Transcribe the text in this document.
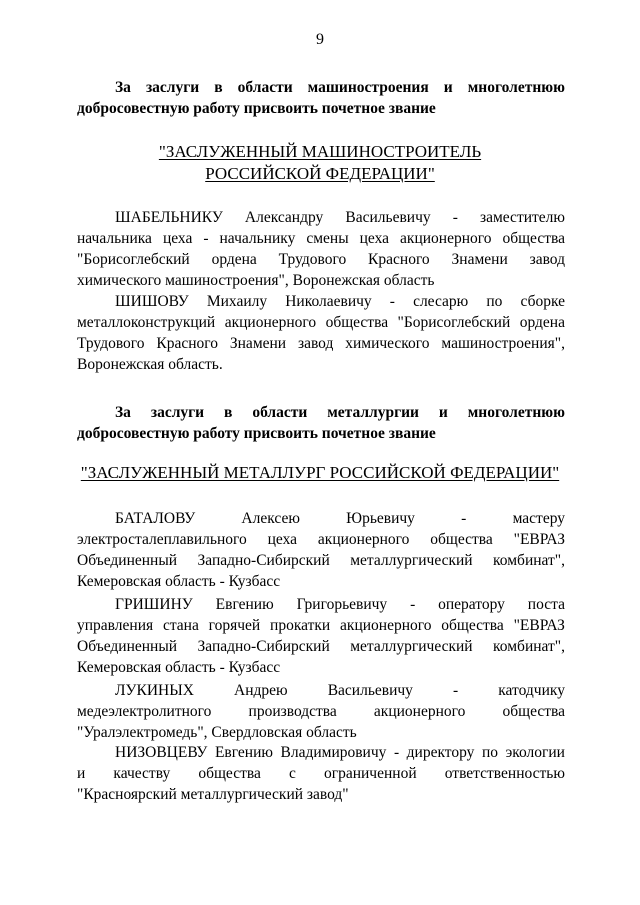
9
За заслуги в области машиностроения и многолетнюю
добросовестную работу присвоить почетное звание
"ЗАСЛУЖЕННЫЙ МАШИНОСТРОИТЕЛЬ
РОССИЙСКОЙ ФЕДЕРАЦИИ"
ШАБЕЛЬНИКУ Александру Васильевичу - заместителю
начальника цеха - начальнику смены цеха акционерного общества
"Борисоглебский ордена Трудового Красного Знамени завод
химического машиностроения", Воронежская область
ШИШОВУ Михаилу Николаевичу - слесарю по сборке
металлоконструкций акционерного общества "Борисоглебский ордена
Трудового Красного Знамени завод химического машиностроения",
Воронежская область.
За заслуги в области металлургии и многолетнюю
добросовестную работу присвоить почетное звание
"ЗАСЛУЖЕННЫЙ МЕТАЛЛУРГ РОССИЙСКОЙ ФЕДЕРАЦИИ"
БАТАЛОВУ	Алексею	Юрьевичу	-	мастеру
электросталеплавильного цеха акционерного общества "ЕВРАЗ
Объединенный Западно-Сибирский металлургический комбинат",
Кемеровская область - Кузбасс
ГРИШИНУ Евгению Григорьевичу - оператору поста
управления стана горячей прокатки акционерного общества "ЕВРАЗ
Объединенный Западно-Сибирский металлургический комбинат",
Кемеровская область - Кузбасс
ЛУКИНЫХ	Андрею	Васильевичу	-	катодчику
медеэлектролитного производства акционерного общества
"Уралэлектромедь", Свердловская область
НИЗОВЦЕВУ Евгению Владимировичу - директору по экологии
и качеству общества с ограниченной ответственностью
"Красноярский металлургический завод"
